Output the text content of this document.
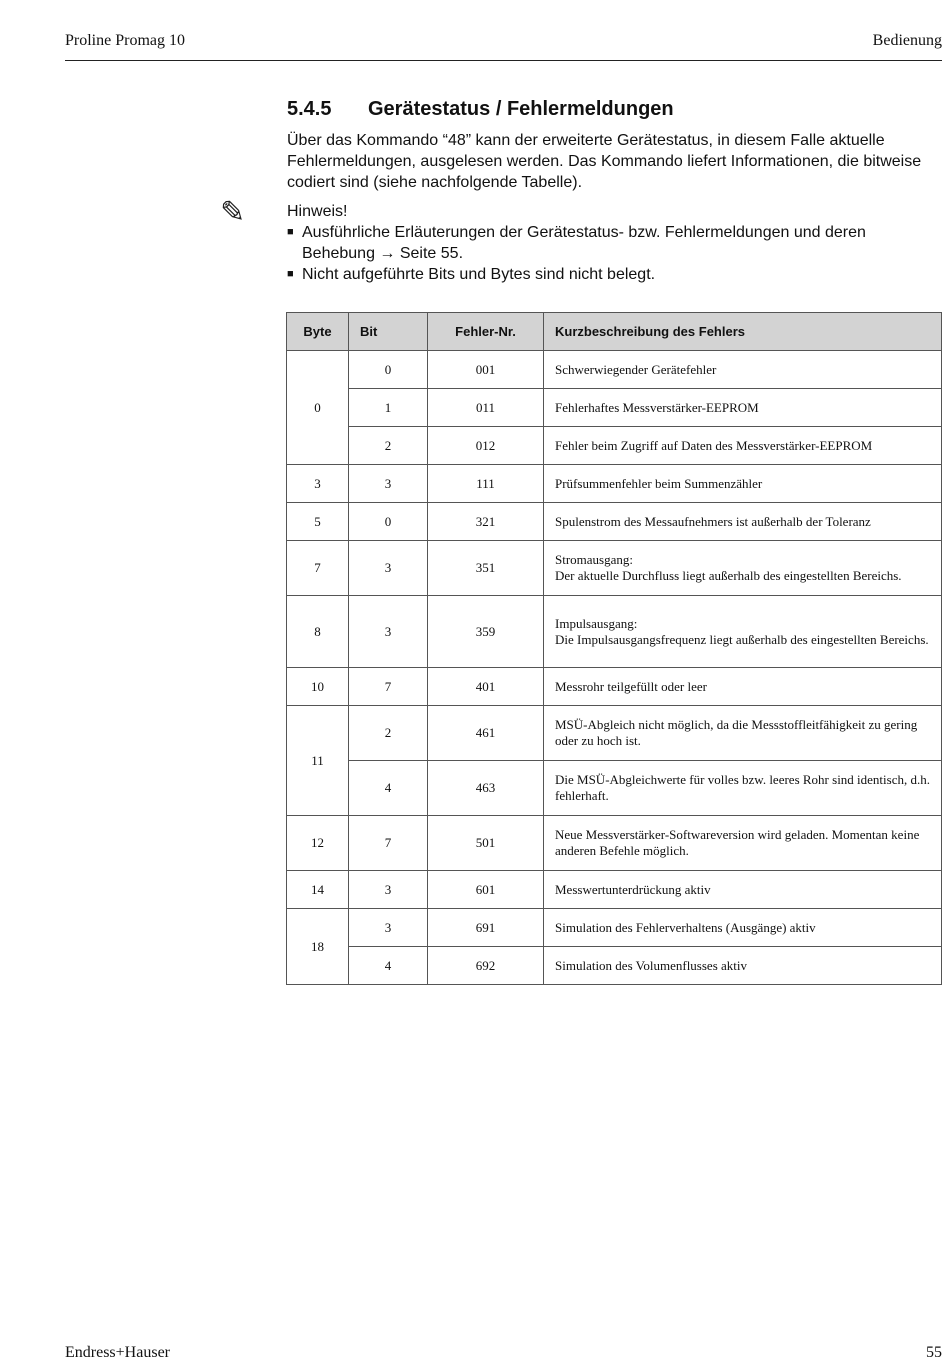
Proline Promag 10	Bedienung
5.4.5 Gerätestatus / Fehlermeldungen

Über das Kommando “48” kann der erweiterte Gerätestatus, in diesem Falle aktuelle Fehlermeldungen, ausgelesen werden. Das Kommando liefert Informationen, die bitweise codiert sind (siehe nachfolgende Tabelle).

✎	Hinweis!
■ Ausführliche Erläuterungen der Gerätestatus- bzw. Fehlermeldungen und deren Behebung → Seite 55.
■ Nicht aufgeführte Bits und Bytes sind nicht belegt.
Byte	Bit	Fehler-Nr.	Kurzbeschreibung des Fehlers
0	0	001	Schwerwiegender Gerätefehler
	1	011	Fehlerhaftes Messverstärker-EEPROM
	2	012	Fehler beim Zugriff auf Daten des Messverstärker-EEPROM
3	3	111	Prüfsummenfehler beim Summenzähler
5	0	321	Spulenstrom des Messaufnehmers ist außerhalb der Toleranz
7	3	351	Stromausgang:
Der aktuelle Durchfluss liegt außerhalb des eingestellten Bereichs.
8	3	359	Impulsausgang:
Die Impulsausgangsfrequenz liegt außerhalb des eingestellten Bereichs.
10	7	401	Messrohr teilgefüllt oder leer
11	2	461	MSÜ-Abgleich nicht möglich, da die Messstoffleitfähigkeit zu gering oder zu hoch ist.
	4	463	Die MSÜ-Abgleichwerte für volles bzw. leeres Rohr sind identisch, d.h. fehlerhaft.
12	7	501	Neue Messverstärker-Softwareversion wird geladen. Momentan keine anderen Befehle möglich.
14	3	601	Messwertunterdrückung aktiv
18	3	691	Simulation des Fehlerverhaltens (Ausgänge) aktiv
	4	692	Simulation des Volumenflusses aktiv
Endress+Hauser	55
